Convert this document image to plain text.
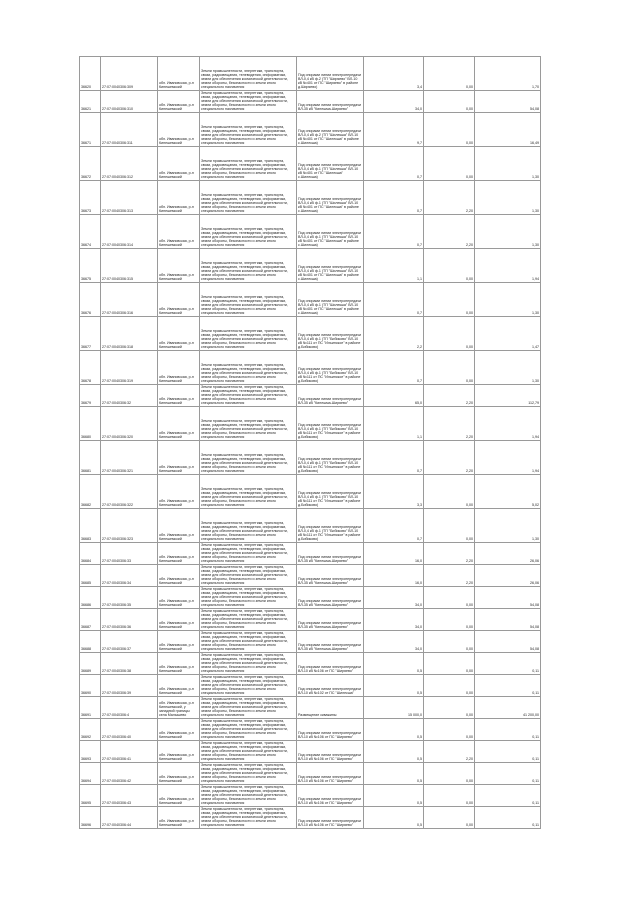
36620	27:07:0040306:309	обл. Ивановская, р-н Кинешемский	Земли промышленности, энергетики, транспорта, связи, радиовещания, телевидения, информатики, земли для обеспечения космической деятельности, земли обороны, безопасности и земли иного специального назначения	Под опорами линии электропередачи ВЛ-0,4 кВ ф.2 (ТП "Ширяево" ВЛ-10 кВ №401 от ПС "Ширяево" в районе д.Ширяево)	3,4	0,00	1,70
36621	27:07:0040306:310	обл. Ивановская, р-н Кинешемский	Земли промышленности, энергетики, транспорта, связи, радиовещания, телевидения, информатики, земли для обеспечения космической деятельности, земли обороны, безопасности и земли иного специального назначения	Под опорами линии электропередачи ВЛ-35 кВ "Кинешма-Ширяево"	34,0	0,00	54,08
36671	27:07:0040306:311	обл. Ивановская, р-н Кинешемский	Земли промышленности, энергетики, транспорта, связи, радиовещания, телевидения, информатики, земли для обеспечения космической деятельности, земли обороны, безопасности и земли иного специального назначения	Под опорами линии электропередачи ВЛ-0,4 кВ ф.2 (ТП "Шилекша" ВЛ-10 кВ №401 от ПС "Шилекша" в районе с.Шилекша)	9,7	0,00	16,49
36672	27:07:0040306:312	обл. Ивановская, р-н Кинешемский	Земли промышленности, энергетики, транспорта, связи, радиовещания, телевидения, информатики, земли для обеспечения космической деятельности, земли обороны, безопасности и земли иного специального назначения	Под опорами линии электропередачи ВЛ-0,4 кВ ф.1 (ТП "Шилекша" ВЛ-10 кВ №401 от ПС "Шилекша" с.Шилекша)	0,7	0,00	1,30
36673	27:07:0040306:313	обл. Ивановская, р-н Кинешемский	Земли промышленности, энергетики, транспорта, связи, радиовещания, телевидения, информатики, земли для обеспечения космической деятельности, земли обороны, безопасности и земли иного специального назначения	Под опорами линии электропередачи ВЛ-0,4 кВ ф.1 (ТП "Шилекша" ВЛ-10 кВ №401 от ПС "Шилекша" в районе с.Шилекша)	0,7	2,20	1,30
36674	27:07:0040306:314	обл. Ивановская, р-н Кинешемский	Земли промышленности, энергетики, транспорта, связи, радиовещания, телевидения, информатики, земли для обеспечения космической деятельности, земли обороны, безопасности и земли иного специального назначения	Под опорами линии электропередачи ВЛ-0,4 кВ ф.1 (ТП "Шилекша" ВЛ-10 кВ №401 от ПС "Шилекша" в районе с.Шилекша)	0,7	2,20	1,30
36675	27:07:0040306:315	обл. Ивановская, р-н Кинешемский	Земли промышленности, энергетики, транспорта, связи, радиовещания, телевидения, информатики, земли для обеспечения космической деятельности, земли обороны, безопасности и земли иного специального назначения	Под опорами линии электропередачи ВЛ-0,4 кВ ф.1 (ТП "Шилекша" ВЛ-10 кВ №401 от ПС "Шилекша" в районе с.Шилекша)	1,1	0,00	1,94
36676	27:07:0040306:316	обл. Ивановская, р-н Кинешемский	Земли промышленности, энергетики, транспорта, связи, радиовещания, телевидения, информатики, земли для обеспечения космической деятельности, земли обороны, безопасности и земли иного специального назначения	Под опорами линии электропередачи ВЛ-0,4 кВ ф.1 (ТП "Шилекша" ВЛ-10 кВ №401 от ПС "Шилекша" в районе с.Шилекша)	0,7	0,00	1,30
36677	27:07:0040306:318	обл. Ивановская, р-н Кинешемский	Земли промышленности, энергетики, транспорта, связи, радиовещания, телевидения, информатики, земли для обеспечения космической деятельности, земли обороны, безопасности и земли иного специального назначения	Под опорами линии электропередачи ВЛ-0,4 кВ ф.1 (ТП "Бибиково" ВЛ-10 кВ №111 от ПС "Ильинское" в районе д.Бибиково)	2,2	0,00	1,47
36678	27:07:0040306:319	обл. Ивановская, р-н Кинешемский	Земли промышленности, энергетики, транспорта, связи, радиовещания, телевидения, информатики, земли для обеспечения космической деятельности, земли обороны, безопасности и земли иного специального назначения	Под опорами линии электропередачи ВЛ-0,4 кВ ф.1 (ТП "Бибиково" ВЛ-10 кВ №111 от ПС "Ильинское" в районе д.Бибиково)	0,7	0,00	1,30
36679	27:07:0040306:32	обл. Ивановская, р-н Кинешемский	Земли промышленности, энергетики, транспорта, связи, радиовещания, телевидения, информатики, земли для обеспечения космической деятельности, земли обороны, безопасности и земли иного специального назначения	Под опорами линии электропередачи ВЛ-35 кВ "Кинешма-Ширяево"	65,0	2,20	112,79
36680	27:07:0040306:320	обл. Ивановская, р-н Кинешемский	Земли промышленности, энергетики, транспорта, связи, радиовещания, телевидения, информатики, земли для обеспечения космической деятельности, земли обороны, безопасности и земли иного специального назначения	Под опорами линии электропередачи ВЛ-0,4 кВ ф.1 (ТП "Бибиково" ВЛ-10 кВ №111 от ПС "Ильинское" в районе д.Бибиково)	1,1	2,20	1,94
36681	27:07:0040306:321	обл. Ивановская, р-н Кинешемский	Земли промышленности, энергетики, транспорта, связи, радиовещания, телевидения, информатики, земли для обеспечения космической деятельности, земли обороны, безопасности и земли иного специального назначения	Под опорами линии электропередачи ВЛ-0,4 кВ ф.1 (ТП "Бибиково" ВЛ-10 кВ №111 от ПС "Ильинское" в районе д.Бибиково)	0,7	2,20	1,94
36682	27:07:0040306:322	обл. Ивановская, р-н Кинешемский	Земли промышленности, энергетики, транспорта, связи, радиовещания, телевидения, информатики, земли для обеспечения космической деятельности, земли обороны, безопасности и земли иного специального назначения	Под опорами линии электропередачи ВЛ-0,4 кВ ф.1 (ТП "Бибиково" ВЛ-10 кВ №111 от ПС "Ильинское" в районе д.Бибиково)	3,3	0,00	5,02
36683	27:07:0040306:323	обл. Ивановская, р-н Кинешемский	Земли промышленности, энергетики, транспорта, связи, радиовещания, телевидения, информатики, земли для обеспечения космической деятельности, земли обороны, безопасности и земли иного специального назначения	Под опорами линии электропередачи ВЛ-0,4 кВ ф.1 (ТП "Бибиково" ВЛ-10 кВ №111 от ПС "Ильинское" в районе д.Бибиково)	0,7	0,00	1,30
36684	27:07:0040306:33	обл. Ивановская, р-н Кинешемский	Земли промышленности, энергетики, транспорта, связи, радиовещания, телевидения, информатики, земли для обеспечения космической деятельности, земли обороны, безопасности и земли иного специального назначения	Под опорами линии электропередачи ВЛ-35 кВ "Кинешма-Ширяево"	16,0	2,20	26,06
36685	27:07:0040306:34	обл. Ивановская, р-н Кинешемский	Земли промышленности, энергетики, транспорта, связи, радиовещания, телевидения, информатики, земли для обеспечения космической деятельности, земли обороны, безопасности и земли иного специального назначения	Под опорами линии электропередачи ВЛ-35 кВ "Кинешма-Ширяево"	16,0	2,20	26,06
36686	27:07:0040306:35	обл. Ивановская, р-н Кинешемский	Земли промышленности, энергетики, транспорта, связи, радиовещания, телевидения, информатики, земли для обеспечения космической деятельности, земли обороны, безопасности и земли иного специального назначения	Под опорами линии электропередачи ВЛ-35 кВ "Кинешма-Ширяево"	34,0	0,00	54,08
36687	27:07:0040306:36	обл. Ивановская, р-н Кинешемский	Земли промышленности, энергетики, транспорта, связи, радиовещания, телевидения, информатики, земли для обеспечения космической деятельности, земли обороны, безопасности и земли иного специального назначения	Под опорами линии электропередачи ВЛ-35 кВ "Кинешма-Ширяево"	34,0	0,00	54,08
36688	27:07:0040306:37	обл. Ивановская, р-н Кинешемский	Земли промышленности, энергетики, транспорта, связи, радиовещания, телевидения, информатики, земли для обеспечения космической деятельности, земли обороны, безопасности и земли иного специального назначения	Под опорами линии электропередачи ВЛ-35 кВ "Кинешма-Ширяево"	34,0	0,00	54,08
36689	27:07:0040306:38	обл. Ивановская, р-н Кинешемский	Земли промышленности, энергетики, транспорта, связи, радиовещания, телевидения, информатики, земли для обеспечения космической деятельности, земли обороны, безопасности и земли иного специального назначения	Под опорами линии электропередачи ВЛ-10 кВ №106 от ПС "Ширяево"	0,5	0,00	0,11
36690	27:07:0040306:39	обл. Ивановская, р-н Кинешемский	Земли промышленности, энергетики, транспорта, связи, радиовещания, телевидения, информатики, земли для обеспечения космической деятельности, земли обороны, безопасности и земли иного специального назначения	Под опорами линии электропередачи ВЛ-10 кВ №102 от ПС "Шилекша"	0,5	0,00	0,11
36691	27:07:0040306:4	обл. Ивановская, р-н Кинешемский, у западной границы села Малышево	Земли промышленности, энергетики, транспорта, связи, радиовещания, телевидения, информатики, земли для обеспечения космической деятельности, земли обороны, безопасности и земли иного специального назначения	Размещение скважины	15 000,0	0,00	41 200,00
36692	27:07:0040306:40	обл. Ивановская, р-н Кинешемский	Земли промышленности, энергетики, транспорта, связи, радиовещания, телевидения, информатики, земли для обеспечения космической деятельности, земли обороны, безопасности и земли иного специального назначения	Под опорами линии электропередачи ВЛ-10 кВ №106 от ПС "Ширяево"	0,5	0,00	0,11
36693	27:07:0040306:41	обл. Ивановская, р-н Кинешемский	Земли промышленности, энергетики, транспорта, связи, радиовещания, телевидения, информатики, земли для обеспечения космической деятельности, земли обороны, безопасности и земли иного специального назначения	Под опорами линии электропередачи ВЛ-10 кВ №106 от ПС "Ширяево"	0,5	2,20	0,11
36694	27:07:0040306:42	обл. Ивановская, р-н Кинешемский	Земли промышленности, энергетики, транспорта, связи, радиовещания, телевидения, информатики, земли для обеспечения космической деятельности, земли обороны, безопасности и земли иного специального назначения	Под опорами линии электропередачи ВЛ-10 кВ №106 от ПС "Ширяево"	0,5	0,00	0,11
36695	27:07:0040306:43	обл. Ивановская, р-н Кинешемский	Земли промышленности, энергетики, транспорта, связи, радиовещания, телевидения, информатики, земли для обеспечения космической деятельности, земли обороны, безопасности и земли иного специального назначения	Под опорами линии электропередачи ВЛ-10 кВ №106 от ПС "Ширяево"	0,5	0,00	0,11
36696	27:07:0040306:44	обл. Ивановская, р-н Кинешемский	Земли промышленности, энергетики, транспорта, связи, радиовещания, телевидения, информатики, земли для обеспечения космической деятельности, земли обороны, безопасности и земли иного специального назначения	Под опорами линии электропередачи ВЛ-10 кВ №106 от ПС "Ширяево"	0,5	0,00	0,11
